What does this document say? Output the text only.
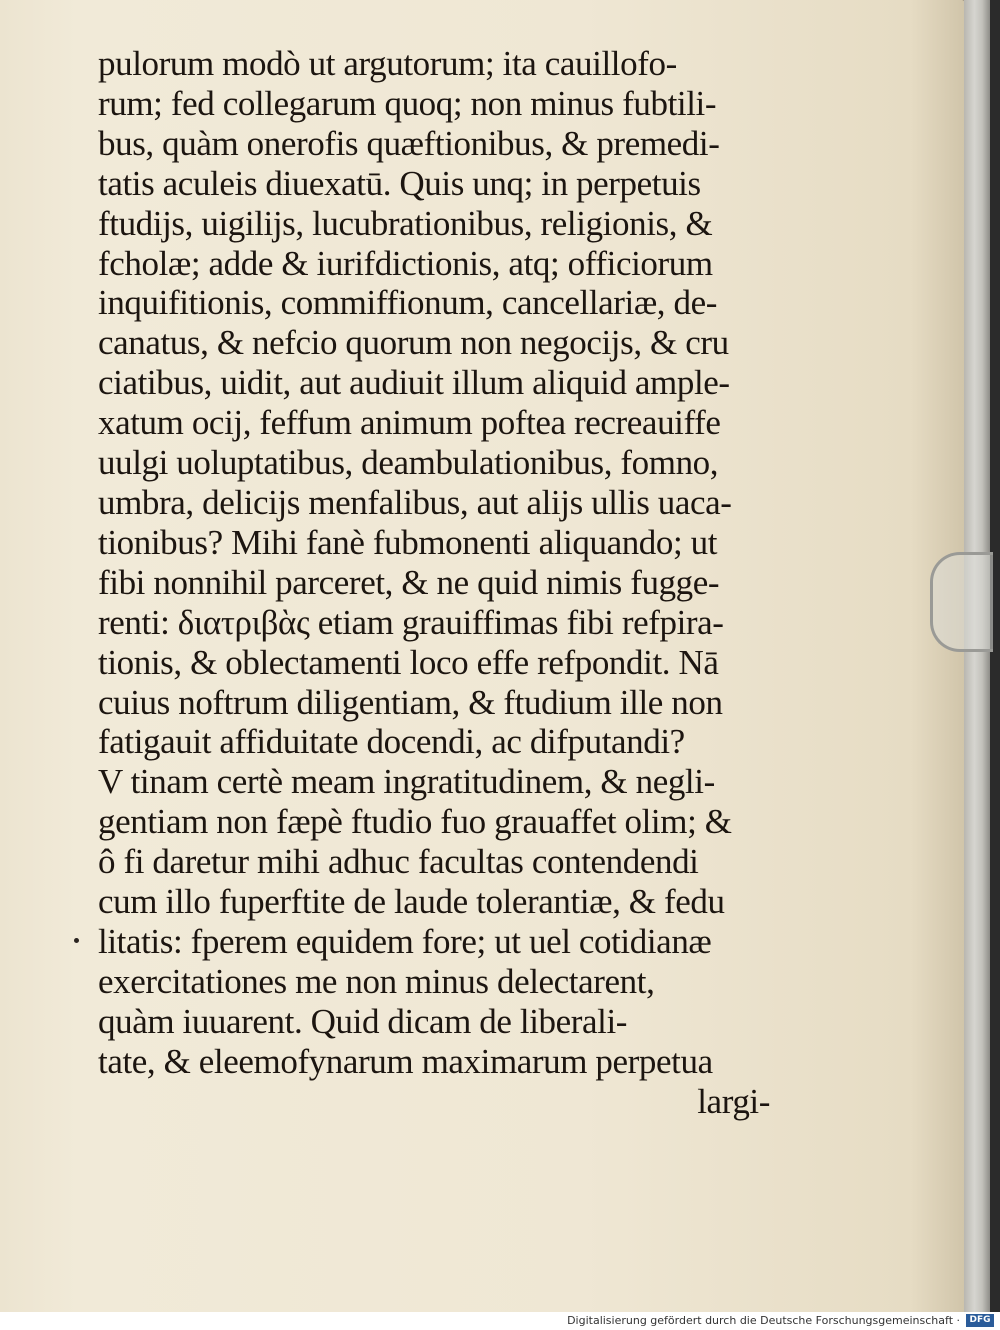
pulorum modò ut argutorum; ita cauillofo-
rum; fed collegarum quoq; non minus fubtili-
bus, quàm onerofis quæftionibus, & premedi-
tatis aculeis diuexatū. Quis unq; in perpetuis
ftudijs, uigilijs, lucubrationibus, religionis, &
fcholæ; adde & iurifdictionis, atq; officiorum
inquifitionis, commiffionum, cancellariæ, de-
canatus, & nefcio quorum non negocijs, & cru
ciatibus, uidit, aut audiuit illum aliquid ample-
xatum ocij, feffum animum poftea recreauiffe
uulgi uoluptatibus, deambulationibus, fomno,
umbra, delicijs menfalibus, aut alijs ullis uaca-
tionibus? Mihi fanè fubmonenti aliquando; ut
fibi nonnihil parceret, & ne quid nimis fugge-
renti: διατριβὰς etiam grauiffimas fibi refpira-
tionis, & oblectamenti loco effe refpondit. Nā
cuius noftrum diligentiam, & ftudium ille non
fatigauit affiduitate docendi, ac difputandi?
V tinam certè meam ingratitudinem, & negli-
gentiam non fæpè ftudio fuo grauaffet olim; &
ô fi daretur mihi adhuc facultas contendendi
cum illo fuperftite de laude tolerantiæ, & fedu
litatis: fperem equidem fore; ut uel cotidianæ
exercitationes me non minus delectarent,
quàm iuuarent. Quid dicam de liberali-
tate, & eleemofynarum maximarum perpetua
largi-
Digitalisierung gefördert durch die Deutsche Forschungsgemeinschaft ·	DFG
